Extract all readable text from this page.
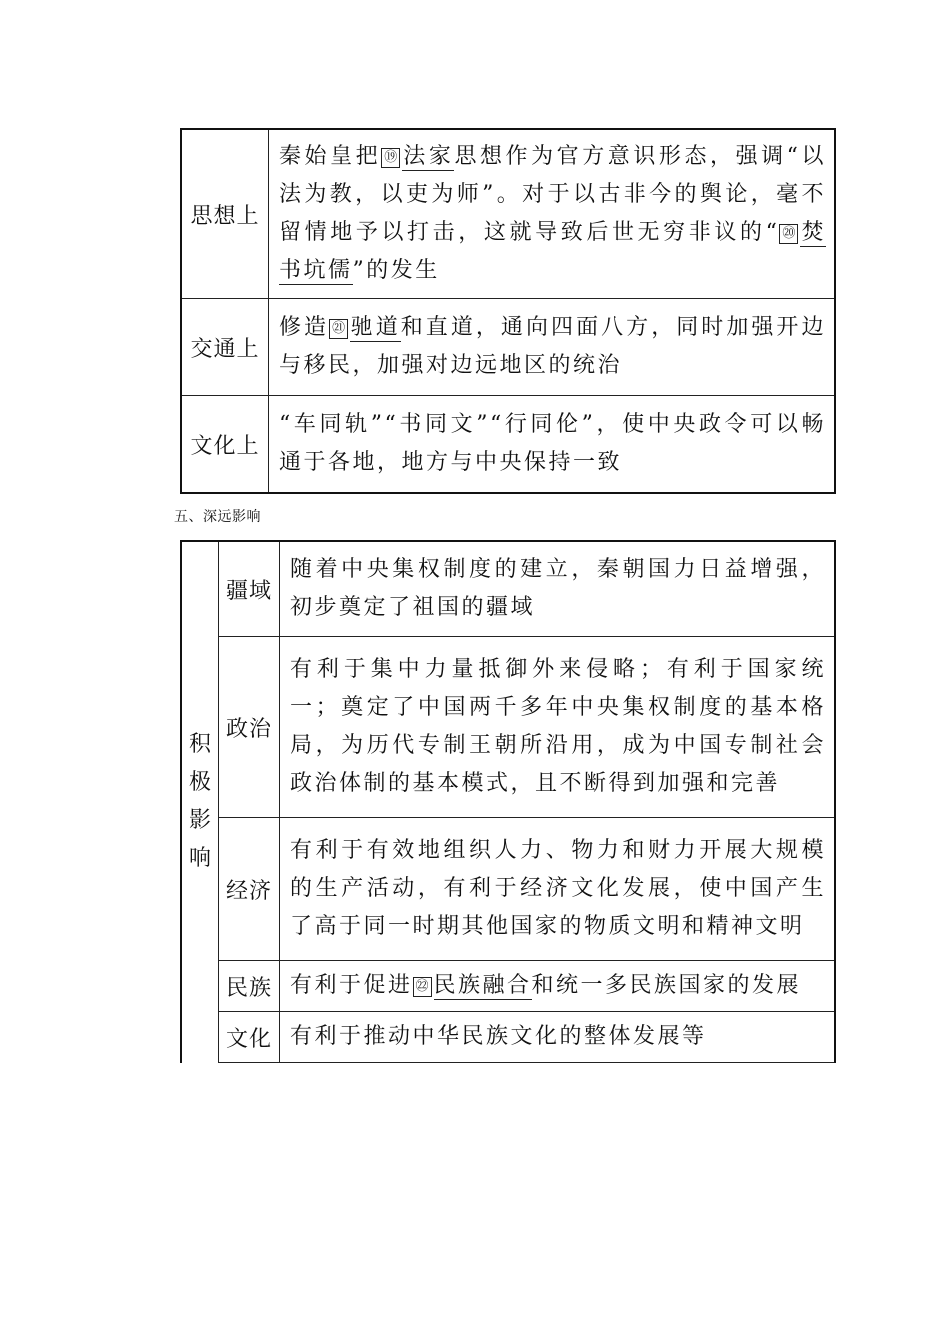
思想上	秦始皇把 ⑲ 法家思想作为官方意识形态，强调“以法为教，以吏为师”。对于以古非今的舆论，毫不留情地予以打击，这就导致后世无穷非议的“ ⑳ 焚书坑儒”的发生
交通上	修造 ㉑ 驰道和直道，通向四面八方，同时加强开边与移民，加强对边远地区的统治
文化上	“车同轨”“书同文”“行同伦”，使中央政令可以畅通于各地，地方与中央保持一致
五、深远影响
积
极
影
响	疆域	随着中央集权制度的建立，秦朝国力日益增强，初步奠定了祖国的疆域
	政治	有利于集中力量抵御外来侵略；有利于国家统一；奠定了中国两千多年中央集权制度的基本格局，为历代专制王朝所沿用，成为中国专制社会政治体制的基本模式，且不断得到加强和完善
	经济	有利于有效地组织人力、物力和财力开展大规模的生产活动，有利于经济文化发展，使中国产生了高于同一时期其他国家的物质文明和精神文明
	民族	有利于促进 ㉒ 民族融合和统一多民族国家的发展
	文化	有利于推动中华民族文化的整体发展等
